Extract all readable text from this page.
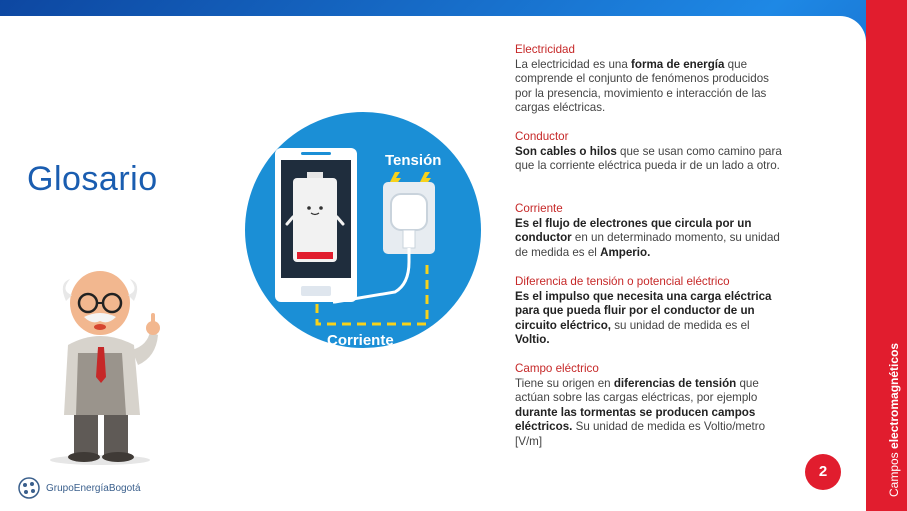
Campos electromagnéticos
Glosario	Tensión
Corriente
Electricidad
La electricidad es una forma de energía que comprende el conjunto de fenómenos producidos por la presencia, movimiento e interacción de las cargas eléctricas.
Conductor
Son cables o hilos que se usan como camino para que la corriente eléctrica pueda ir de un lado a otro.
Corriente
Es el flujo de electrones que circula por un conductor en un determinado momento, su unidad de medida es el Amperio.
Diferencia de tensión o potencial eléctrico
Es el impulso que necesita una carga eléctrica para que pueda fluir por el conductor de un circuito eléctrico, su unidad de medida es el Voltio.
Campo eléctrico
Tiene su origen en diferencias de tensión que actúan sobre las cargas eléctricas, por ejemplo durante las tormentas se producen campos eléctricos. Su unidad de medida es Voltio/metro [V/m]
2
GrupoEnergíaBogotá
